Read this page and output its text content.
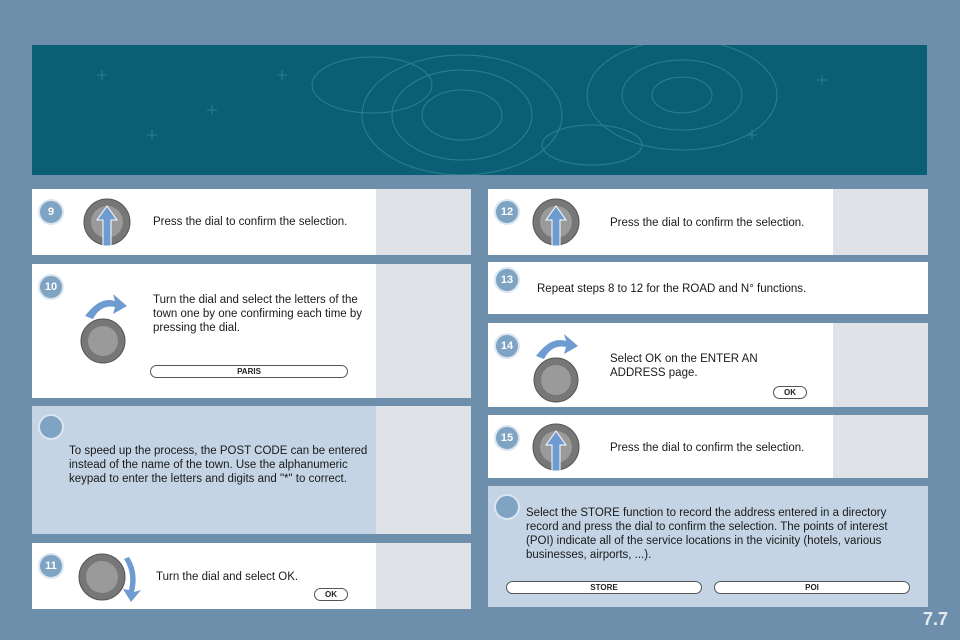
9
Press the dial to confirm the selection.
10
Turn the dial and select the letters of the town one by one confirming each time by pressing the dial.
PARIS
To speed up the process, the POST CODE can be entered instead of the name of the town. Use the alphanumeric keypad to enter the letters and digits and "*" to correct.
11
Turn the dial and select OK.
OK
12
Press the dial to confirm the selection.
13
Repeat steps 8 to 12 for the ROAD and N° functions.
14
Select OK on the ENTER AN ADDRESS page.
OK
15
Press the dial to confirm the selection.
Select the STORE function to record the address entered in a directory record and press the dial to confirm the selection. The points of interest (POI) indicate all of the service locations in the vicinity (hotels, various businesses, airports, ...).
STORE	POI
7.7
